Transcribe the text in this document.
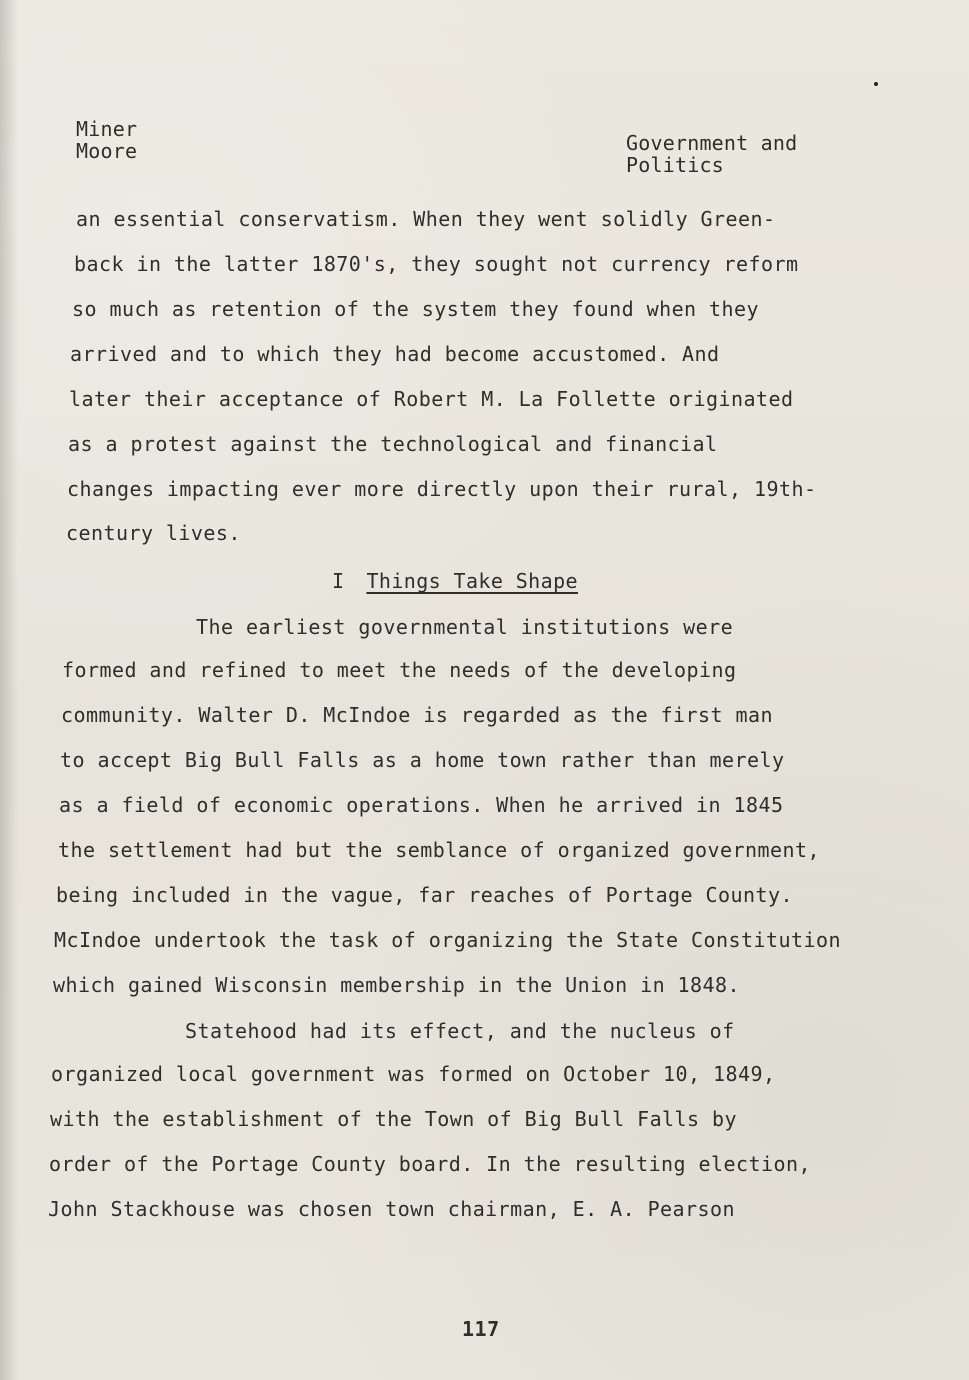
Miner
Moore	Government and
Politics
an essential conservatism. When they went solidly Green-
back in the latter 1870's, they sought not currency reform
so much as retention of the system they found when they
arrived and to which they had become accustomed. And
later their acceptance of Robert M. La Follette originated
as a protest against the technological and financial
changes impacting ever more directly upon their rural, 19th-
century lives.
I Things Take Shape
The earliest governmental institutions were
formed and refined to meet the needs of the developing
community. Walter D. McIndoe is regarded as the first man
to accept Big Bull Falls as a home town rather than merely
as a field of economic operations. When he arrived in 1845
the settlement had but the semblance of organized government,
being included in the vague, far reaches of Portage County.
McIndoe undertook the task of organizing the State Constitution
which gained Wisconsin membership in the Union in 1848.
Statehood had its effect, and the nucleus of
organized local government was formed on October 10, 1849,
with the establishment of the Town of Big Bull Falls by
order of the Portage County board. In the resulting election,
John Stackhouse was chosen town chairman, E. A. Pearson
117
